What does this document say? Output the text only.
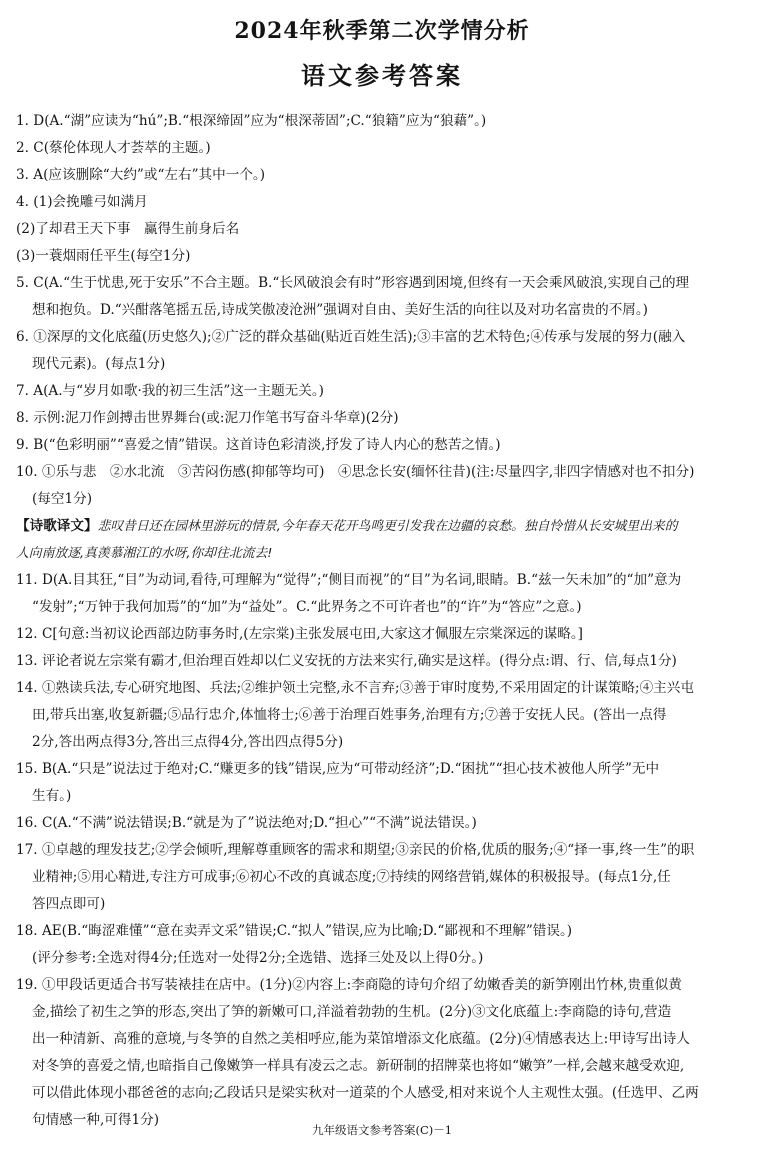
2024年秋季第二次学情分析
语文参考答案

1. D(A.“湖”应读为“hú”;B.“根深缔固”应为“根深蒂固”;C.“狼籍”应为“狼藉”。)

2. C(蔡伦体现人才荟萃的主题。)

3. A(应该删除“大约”或“左右”其中一个。)

4. (1)会挽雕弓如满月

(2)了却君王天下事　赢得生前身后名

(3)一蓑烟雨任平生(每空1分)

5. C(A.“生于忧患,死于安乐”不合主题。B.“长风破浪会有时”形容遇到困境,但终有一天会乘风破浪,实现自己的理

想和抱负。D.“兴酣落笔摇五岳,诗成笑傲凌沧洲”强调对自由、美好生活的向往以及对功名富贵的不屑。)

6. ①深厚的文化底蕴(历史悠久);②广泛的群众基础(贴近百姓生活);③丰富的艺术特色;④传承与发展的努力(融入

现代元素)。(每点1分)

7. A(A.与“岁月如歌·我的初三生活”这一主题无关。)

8. 示例:泥刀作剑搏击世界舞台(或:泥刀作笔书写奋斗华章)(2分)

9. B(“色彩明丽”“喜爱之情”错误。这首诗色彩清淡,抒发了诗人内心的愁苦之情。)

10. ①乐与悲　②水北流　③苦闷伤感(抑郁等均可)　④思念长安(缅怀往昔)(注:尽量四字,非四字情感对也不扣分)

(每空1分)

【诗歌译文】悲叹昔日还在园林里游玩的情景,今年春天花开鸟鸣更引发我在边疆的哀愁。独自怜惜从长安城里出来的

人向南放逐,真羡慕湘江的水呀,你却往北流去!

11. D(A.目其狂,“目”为动词,看待,可理解为“觉得”;“侧目而视”的“目”为名词,眼睛。B.“兹一矢未加”的“加”意为

“发射”;“万钟于我何加焉”的“加”为“益处”。C.“此界务之不可许者也”的“许”为“答应”之意。)

12. C[句意:当初议论西部边防事务时,(左宗棠)主张发展屯田,大家这才佩服左宗棠深远的谋略。]

13. 评论者说左宗棠有霸才,但治理百姓却以仁义安抚的方法来实行,确实是这样。(得分点:谓、行、信,每点1分)

14. ①熟读兵法,专心研究地图、兵法;②维护领土完整,永不言弃;③善于审时度势,不采用固定的计谋策略;④主兴屯

田,带兵出塞,收复新疆;⑤品行忠介,体恤将士;⑥善于治理百姓事务,治理有方;⑦善于安抚人民。(答出一点得

2分,答出两点得3分,答出三点得4分,答出四点得5分)

15. B(A.“只是”说法过于绝对;C.“赚更多的钱”错误,应为“可带动经济”;D.“困扰”“担心技术被他人所学”无中

生有。)

16. C(A.“不满”说法错误;B.“就是为了”说法绝对;D.“担心”“不满”说法错误。)

17. ①卓越的理发技艺;②学会倾听,理解尊重顾客的需求和期望;③亲民的价格,优质的服务;④“择一事,终一生”的职

业精神;⑤用心精进,专注方可成事;⑥初心不改的真诚态度;⑦持续的网络营销,媒体的积极报导。(每点1分,任

答四点即可)

18. AE(B.“晦涩难懂”“意在卖弄文采”错误;C.“拟人”错误,应为比喻;D.“鄙视和不理解”错误。)

(评分参考:全选对得4分;任选对一处得2分;全选错、选择三处及以上得0分。)

19. ①甲段话更适合书写装裱挂在店中。(1分)②内容上:李商隐的诗句介绍了幼嫩香美的新笋刚出竹林,贵重似黄

金,描绘了初生之笋的形态,突出了笋的新嫩可口,洋溢着勃勃的生机。(2分)③文化底蕴上:李商隐的诗句,营造

出一种清新、高雅的意境,与冬笋的自然之美相呼应,能为菜馆增添文化底蕴。(2分)④情感表达上:甲诗写出诗人

对冬笋的喜爱之情,也暗指自己像嫩笋一样具有凌云之志。新研制的招牌菜也将如“嫩笋”一样,会越来越受欢迎,

可以借此体现小郡爸爸的志向;乙段话只是梁实秋对一道菜的个人感受,相对来说个人主观性太强。(任选甲、乙两

句情感一种,可得1分)

九年级语文参考答案(C)－1
